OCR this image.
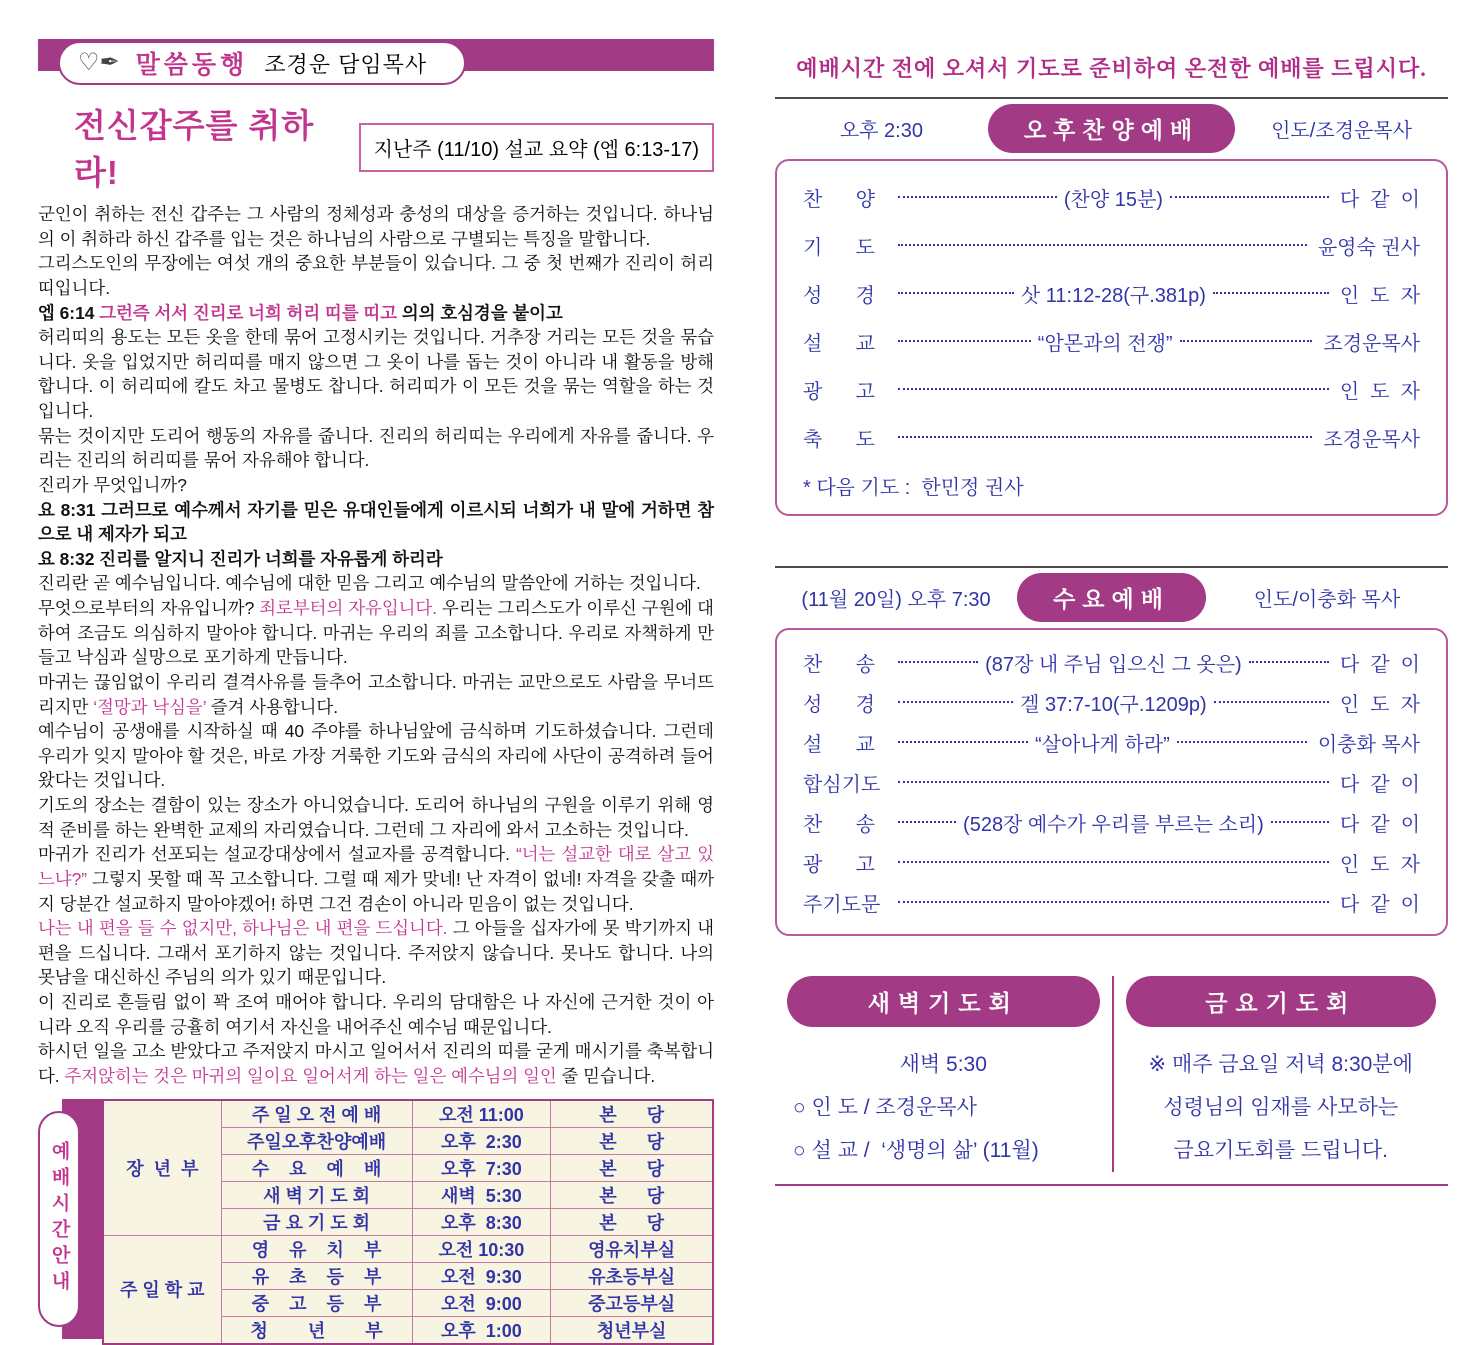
♡✒ 말씀동행 조경운 담임목사
전신갑주를 취하라!
지난주 (11/10) 설교 요약 (엡 6:13-17)

군인이 취하는 전신 갑주는 그 사람의 정체성과 충성의 대상을 증거하는 것입니다. 하나님의 이 취하라 하신 갑주를 입는 것은 하나님의 사람으로 구별되는 특징을 말합니다.

그리스도인의 무장에는 여섯 개의 중요한 부분들이 있습니다. 그 중 첫 번째가 진리이 허리띠입니다.

엡 6:14 그런즉 서서 진리로 너희 허리 띠를 띠고 의의 호심경을 붙이고

허리띠의 용도는 모든 옷을 한데 묶어 고정시키는 것입니다. 거추장 거리는 모든 것을 묶습니다. 옷을 입었지만 허리띠를 매지 않으면 그 옷이 나를 돕는 것이 아니라 내 활동을 방해합니다. 이 허리띠에 칼도 차고 물병도 찹니다. 허리띠가 이 모든 것을 묶는 역할을 하는 것입니다.

묶는 것이지만 도리어 행동의 자유를 줍니다. 진리의 허리띠는 우리에게 자유를 줍니다. 우리는 진리의 허리띠를 묶어 자유해야 합니다.

진리가 무엇입니까?

요 8:31 그러므로 예수께서 자기를 믿은 유대인들에게 이르시되 너희가 내 말에 거하면 참으로 내 제자가 되고

요 8:32 진리를 알지니 진리가 너희를 자유롭게 하리라

진리란 곧 예수님입니다. 예수님에 대한 믿음 그리고 예수님의 말씀안에 거하는 것입니다.

무엇으로부터의 자유입니까? 죄로부터의 자유입니다. 우리는 그리스도가 이루신 구원에 대하여 조금도 의심하지 말아야 합니다. 마귀는 우리의 죄를 고소합니다. 우리로 자책하게 만들고 낙심과 실망으로 포기하게 만듭니다.

마귀는 끊임없이 우리리 결격사유를 들추어 고소합니다. 마귀는 교만으로도 사람을 무너뜨리지만 ‘절망과 낙심을’ 즐겨 사용합니다.

예수님이 공생애를 시작하실 때 40 주야를 하나님앞에 금식하며 기도하셨습니다. 그런데 우리가 잊지 말아야 할 것은, 바로 가장 거룩한 기도와 금식의 자리에 사단이 공격하려 들어왔다는 것입니다.

기도의 장소는 결함이 있는 장소가 아니었습니다. 도리어 하나님의 구원을 이루기 위해 영적 준비를 하는 완벽한 교제의 자리였습니다. 그런데 그 자리에 와서 고소하는 것입니다.

마귀가 진리가 선포되는 설교강대상에서 설교자를 공격합니다. “너는 설교한 대로 살고 있느냐?” 그렇지 못할 때 꼭 고소합니다. 그럴 때 제가 맞네! 난 자격이 없네! 자격을 갖출 때까지 당분간 설교하지 말아야겠어! 하면 그건 겸손이 아니라 믿음이 없는 것입니다.

나는 내 편을 들 수 없지만, 하나님은 내 편을 드십니다. 그 아들을 십자가에 못 박기까지 내편을 드십니다. 그래서 포기하지 않는 것입니다. 주저앉지 않습니다. 못나도 합니다. 나의 못남을 대신하신 주님의 의가 있기 때문입니다.

이 진리로 흔들림 없이 꽉 조여 매어야 합니다. 우리의 담대함은 나 자신에 근거한 것이 아니라 오직 우리를 긍휼히 여기서 자신을 내어주신 예수님 때문입니다.

하시던 일을 고소 받았다고 주저앉지 마시고 일어서서 진리의 띠를 굳게 매시기를 축복합니다. 주저앉히는 것은 마귀의 일이요 일어서게 하는 일은 예수님의 일인 줄 믿습니다.

예배시간안내	장  년  부	주 일 오 전 예 배	오전 11:00	본      당
	주일오후찬양예배	오후  2:30	본      당
	수    요    예    배	오후  7:30	본      당
	새 벽 기 도 회	새벽  5:30	본      당
	금 요 기 도 회	오후  8:30	본      당
주 일 학 교	영    유    치    부	오전 10:30	영유치부실
	유    초    등    부	오전  9:30	유초등부실
	중    고    등    부	오전  9:00	중고등부실
	청        년        부	오후  1:00	청년부실
예배시간 전에 오셔서 기도로 준비하여 온전한 예배를 드립시다.
오후 2:30	오후찬양예배	인도/조경운목사
찬      양	(찬양 15분)	다  같  이
기      도	윤영숙 권사
성      경	삿 11:12-28(구.381p)	인  도  자
설      교	“암몬과의 전쟁”	조경운목사
광      고	인  도  자
축      도	조경운목사
* 다음 기도 :  한민정 권사
(11월 20일) 오후 7:30	수요예배	인도/이충화 목사
찬      송	(87장 내 주님 입으신 그 옷은)	다  같  이
성      경	겔 37:7-10(구.1209p)	인  도  자
설      교	“살아나게 하라”	이충화 목사
합심기도	다  같  이
찬      송	(528장 예수가 우리를 부르는 소리)	다  같  이
광      고	인  도  자
주기도문	다  같  이
새벽기도회
새벽 5:30
○ 인 도 / 조경운목사
○ 설 교 /  ‘생명의 삶’ (11월)
금요기도회
※ 매주 금요일 저녁 8:30분에
성령님의 임재를 사모하는
금요기도회를 드립니다.
